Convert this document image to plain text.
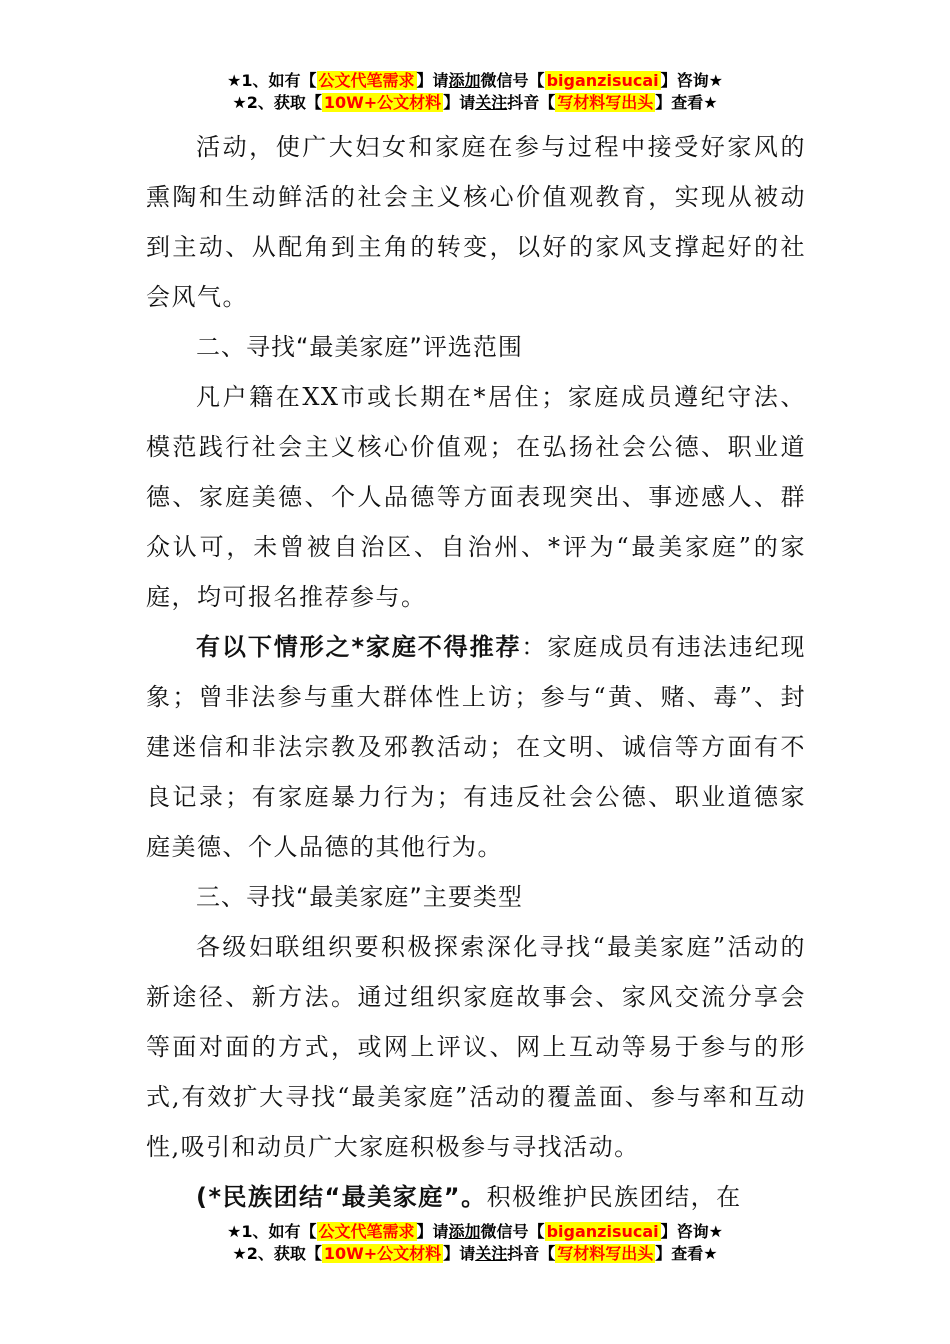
★1、如有【 公文代笔需求 】请添加微信号【 biganzisucai 】咨询★
★2、获取【 10W+公文材料 】请关注抖音【 写材料写出头 】查看★

活动，使广大妇女和家庭在参与过程中接受好家风的熏陶和生动鲜活的社会主义核心价值观教育，实现从被动到主动、从配角到主角的转变，以好的家风支撑起好的社会风气。

二、寻找“最美家庭”评选范围

凡户籍在XX市或长期在*居住；家庭成员遵纪守法、模范践行社会主义核心价值观；在弘扬社会公德、职业道德、家庭美德、个人品德等方面表现突出、事迹感人、群众认可，未曾被自治区、自治州、*评为“最美家庭”的家庭，均可报名推荐参与。

有以下情形之*家庭不得推荐：家庭成员有违法违纪现象；曾非法参与重大群体性上访；参与“黄、赌、毒”、封建迷信和非法宗教及邪教活动；在文明、诚信等方面有不良记录；有家庭暴力行为；有违反社会公德、职业道德家庭美德、个人品德的其他行为。

三、寻找“最美家庭”主要类型

各级妇联组织要积极探索深化寻找“最美家庭”活动的新途径、新方法。通过组织家庭故事会、家风交流分享会等面对面的方式，或网上评议、网上互动等易于参与的形式,有效扩大寻找“最美家庭”活动的覆盖面、参与率和互动性,吸引和动员广大家庭积极参与寻找活动。

(*民族团结“最美家庭”。积极维护民族团结，在

★1、如有【 公文代笔需求 】请添加微信号【 biganzisucai 】咨询★
★2、获取【 10W+公文材料 】请关注抖音【 写材料写出头 】查看★
